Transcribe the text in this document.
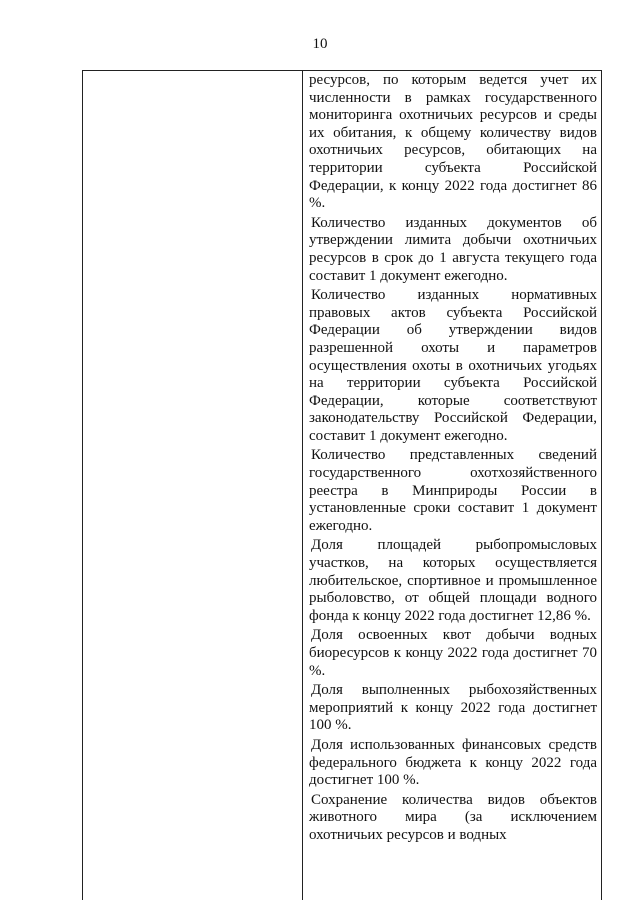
10

ресурсов, по которым ведется учет их численности в рамках государственного мониторинга охотничьих ресурсов и среды их обитания, к общему количеству видов охотничьих ресурсов, обитающих на территории субъекта Российской Федерации, к концу 2022 года достигнет 86 %.

Количество изданных документов об утверждении лимита добычи охотничьих ресурсов в срок до 1 августа текущего года составит 1 документ ежегодно.

Количество изданных нормативных правовых актов субъекта Российской Федерации об утверждении видов разрешенной охоты и параметров осуществления охоты в охотничьих угодьях на территории субъекта Российской Федерации, которые соответствуют законодательству Российской Федерации, составит 1 документ ежегодно.

Количество представленных сведений государственного охотхозяйственного реестра в Минприроды России в установленные сроки составит 1 документ ежегодно.

Доля площадей рыбопромысловых участков, на которых осуществляется любительское, спортивное и промышленное рыболовство, от общей площади водного фонда к концу 2022 года достигнет 12,86 %.

Доля освоенных квот добычи водных биоресурсов к концу 2022 года достигнет 70 %.

Доля выполненных рыбохозяйственных мероприятий к концу 2022 года достигнет 100 %.

Доля использованных финансовых средств федерального бюджета к концу 2022 года достигнет 100 %.

Сохранение количества видов объектов животного мира (за исключением охотничьих ресурсов и водных
